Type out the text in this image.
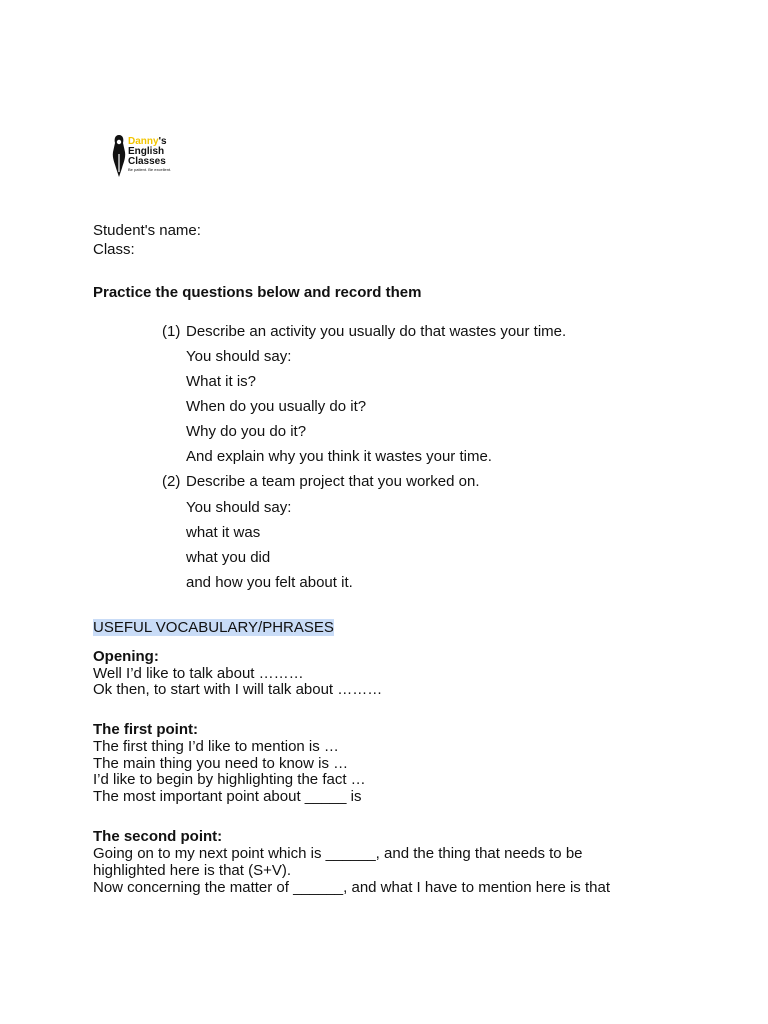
Danny's
English
Classes
Be patient. Be excellent.
Student's name:
Class:
Practice the questions below and record them
(1) Describe an activity you usually do that wastes your time.
You should say:
What it is?
When do you usually do it?
Why do you do it?
And explain why you think it wastes your time.
(2) Describe a team project that you worked on.
You should say:
what it was
what you did
and how you felt about it.
USEFUL VOCABULARY/PHRASES
Opening:
Well I’d like to talk about ………
Ok then, to start with I will talk about ………
The first point:
The first thing I’d like to mention is …
The main thing you need to know is …
I’d like to begin by highlighting the fact …
The most important point about _____ is
The second point:
Going on to my next point which is ______, and the thing that needs to be
highlighted here is that (S+V).
Now concerning the matter of ______, and what I have to mention here is that
